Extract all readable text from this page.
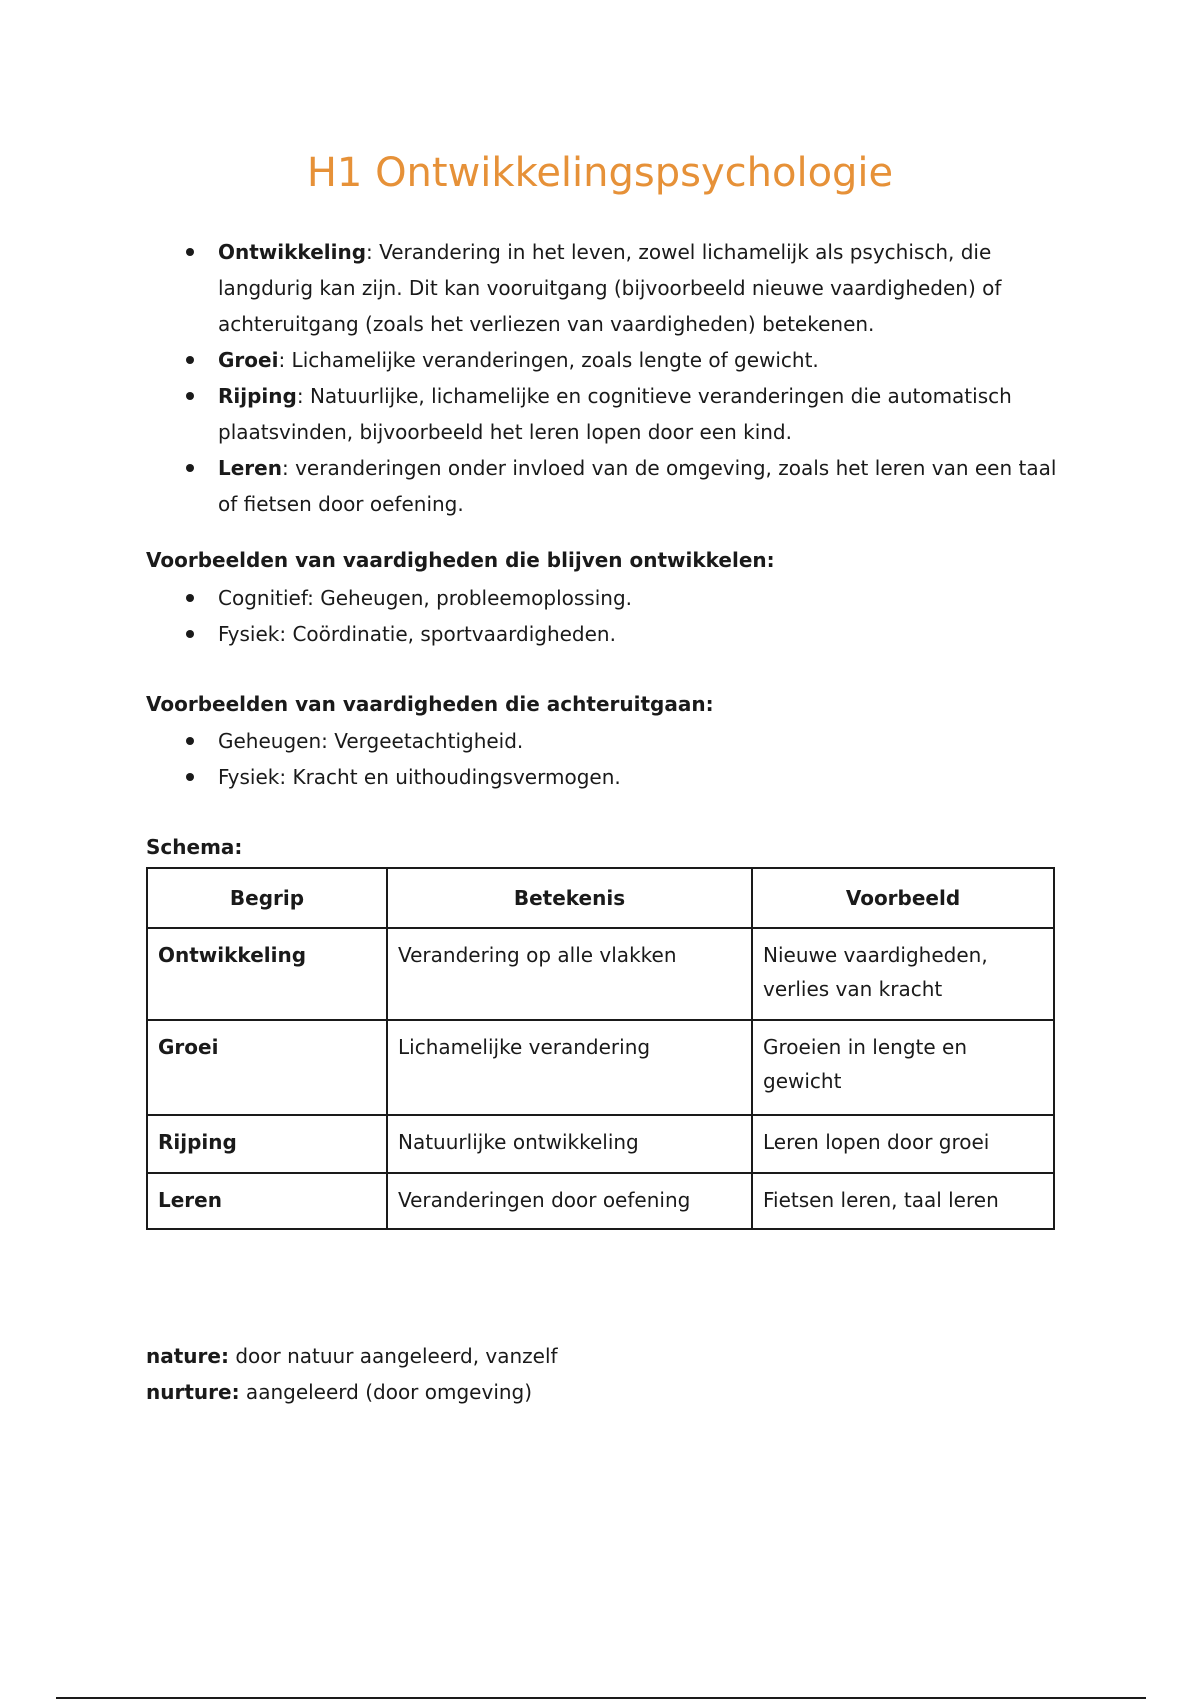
H1 Ontwikkelingspsychologie
Ontwikkeling: Verandering in het leven, zowel lichamelijk als psychisch, die langdurig kan zijn. Dit kan vooruitgang (bijvoorbeeld nieuwe vaardigheden) of achteruitgang (zoals het verliezen van vaardigheden) betekenen.
Groei: Lichamelijke veranderingen, zoals lengte of gewicht.
Rijping: Natuurlijke, lichamelijke en cognitieve veranderingen die automatisch plaatsvinden, bijvoorbeeld het leren lopen door een kind.
Leren: veranderingen onder invloed van de omgeving, zoals het leren van een taal of fietsen door oefening.

Voorbeelden van vaardigheden die blijven ontwikkelen:

Cognitief: Geheugen, probleemoplossing.
Fysiek: Coördinatie, sportvaardigheden.

Voorbeelden van vaardigheden die achteruitgaan:

Geheugen: Vergeetachtigheid.
Fysiek: Kracht en uithoudingsvermogen.

Schema:

Begrip	Betekenis	Voorbeeld
Ontwikkeling	Verandering op alle vlakken	Nieuwe vaardigheden, verlies van kracht
Groei	Lichamelijke verandering	Groeien in lengte en gewicht
Rijping	Natuurlijke ontwikkeling	Leren lopen door groei
Leren	Veranderingen door oefening	Fietsen leren, taal leren

nature: door natuur aangeleerd, vanzelf

nurture: aangeleerd (door omgeving)
